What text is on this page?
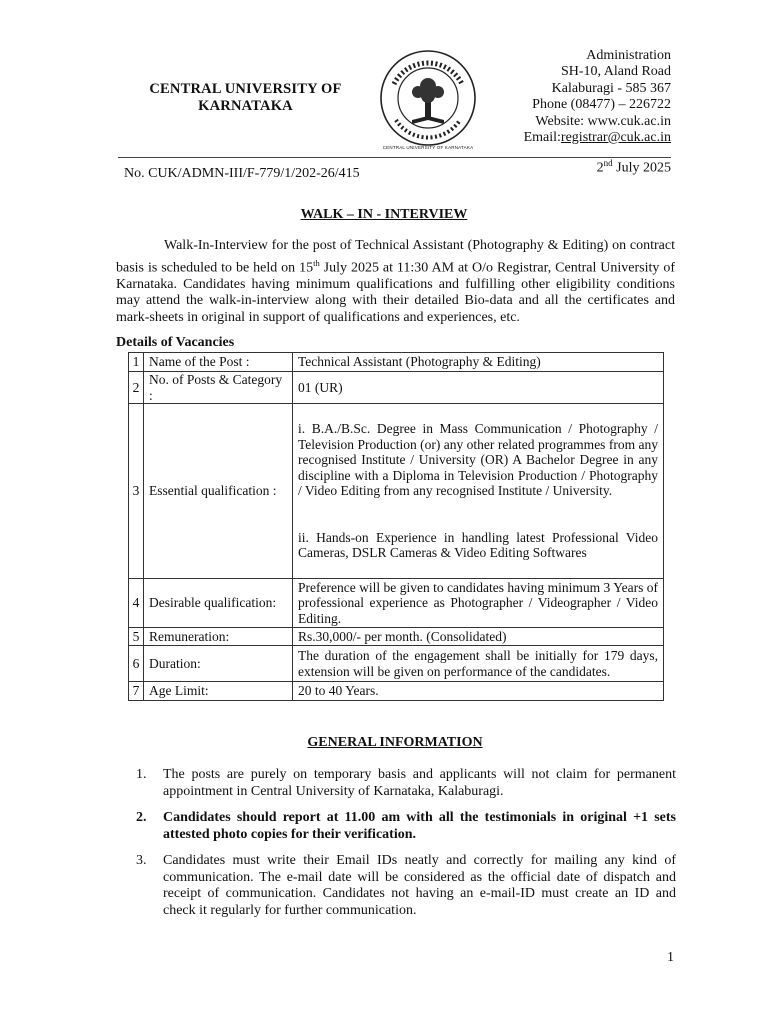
CENTRAL UNIVERSITY OF
KARNATAKA
CENTRAL UNIVERSITY OF KARNATAKA
Administration
SH-10, Aland Road
Kalaburagi - 585 367
Phone (08477) – 226722
Website: www.cuk.ac.in
Email:registrar@cuk.ac.in
No. CUK/ADMN-III/F-779/1/202-26/415	2nd July 2025
WALK – IN - INTERVIEW
Walk-In-Interview for the post of Technical Assistant (Photography & Editing) on contract basis is scheduled to be held on 15th July 2025 at 11:30 AM at O/o Registrar, Central University of Karnataka. Candidates having minimum qualifications and fulfilling other eligibility conditions may attend the walk-in-interview along with their detailed Bio-data and all the certificates and mark-sheets in original in support of qualifications and experiences, etc.
Details of Vacancies
1	Name of the Post :	Technical Assistant (Photography & Editing)
2	No. of Posts & Category :	01 (UR)
3	Essential qualification :	i. B.A./B.Sc. Degree in Mass Communication / Photography / Television Production (or) any other related programmes from any recognised Institute / University (OR) A Bachelor Degree in any discipline with a Diploma in Television Production / Photography / Video Editing from any recognised Institute / University.
ii. Hands-on Experience in handling latest Professional Video Cameras, DSLR Cameras & Video Editing Softwares

4	Desirable qualification:	Preference will be given to candidates having minimum 3 Years of professional experience as Photographer / Videographer / Video Editing.
5	Remuneration:	Rs.30,000/- per month. (Consolidated)
6	Duration:	The duration of the engagement shall be initially for 179 days, extension will be given on performance of the candidates.
7	Age Limit:	20 to 40 Years.
GENERAL INFORMATION
1. The posts are purely on temporary basis and applicants will not claim for permanent appointment in Central University of Karnataka, Kalaburagi.
2. Candidates should report at 11.00 am with all the testimonials in original +1 sets attested photo copies for their verification.
3. Candidates must write their Email IDs neatly and correctly for mailing any kind of communication. The e-mail date will be considered as the official date of dispatch and receipt of communication. Candidates not having an e-mail-ID must create an ID and check it regularly for further communication.
1
